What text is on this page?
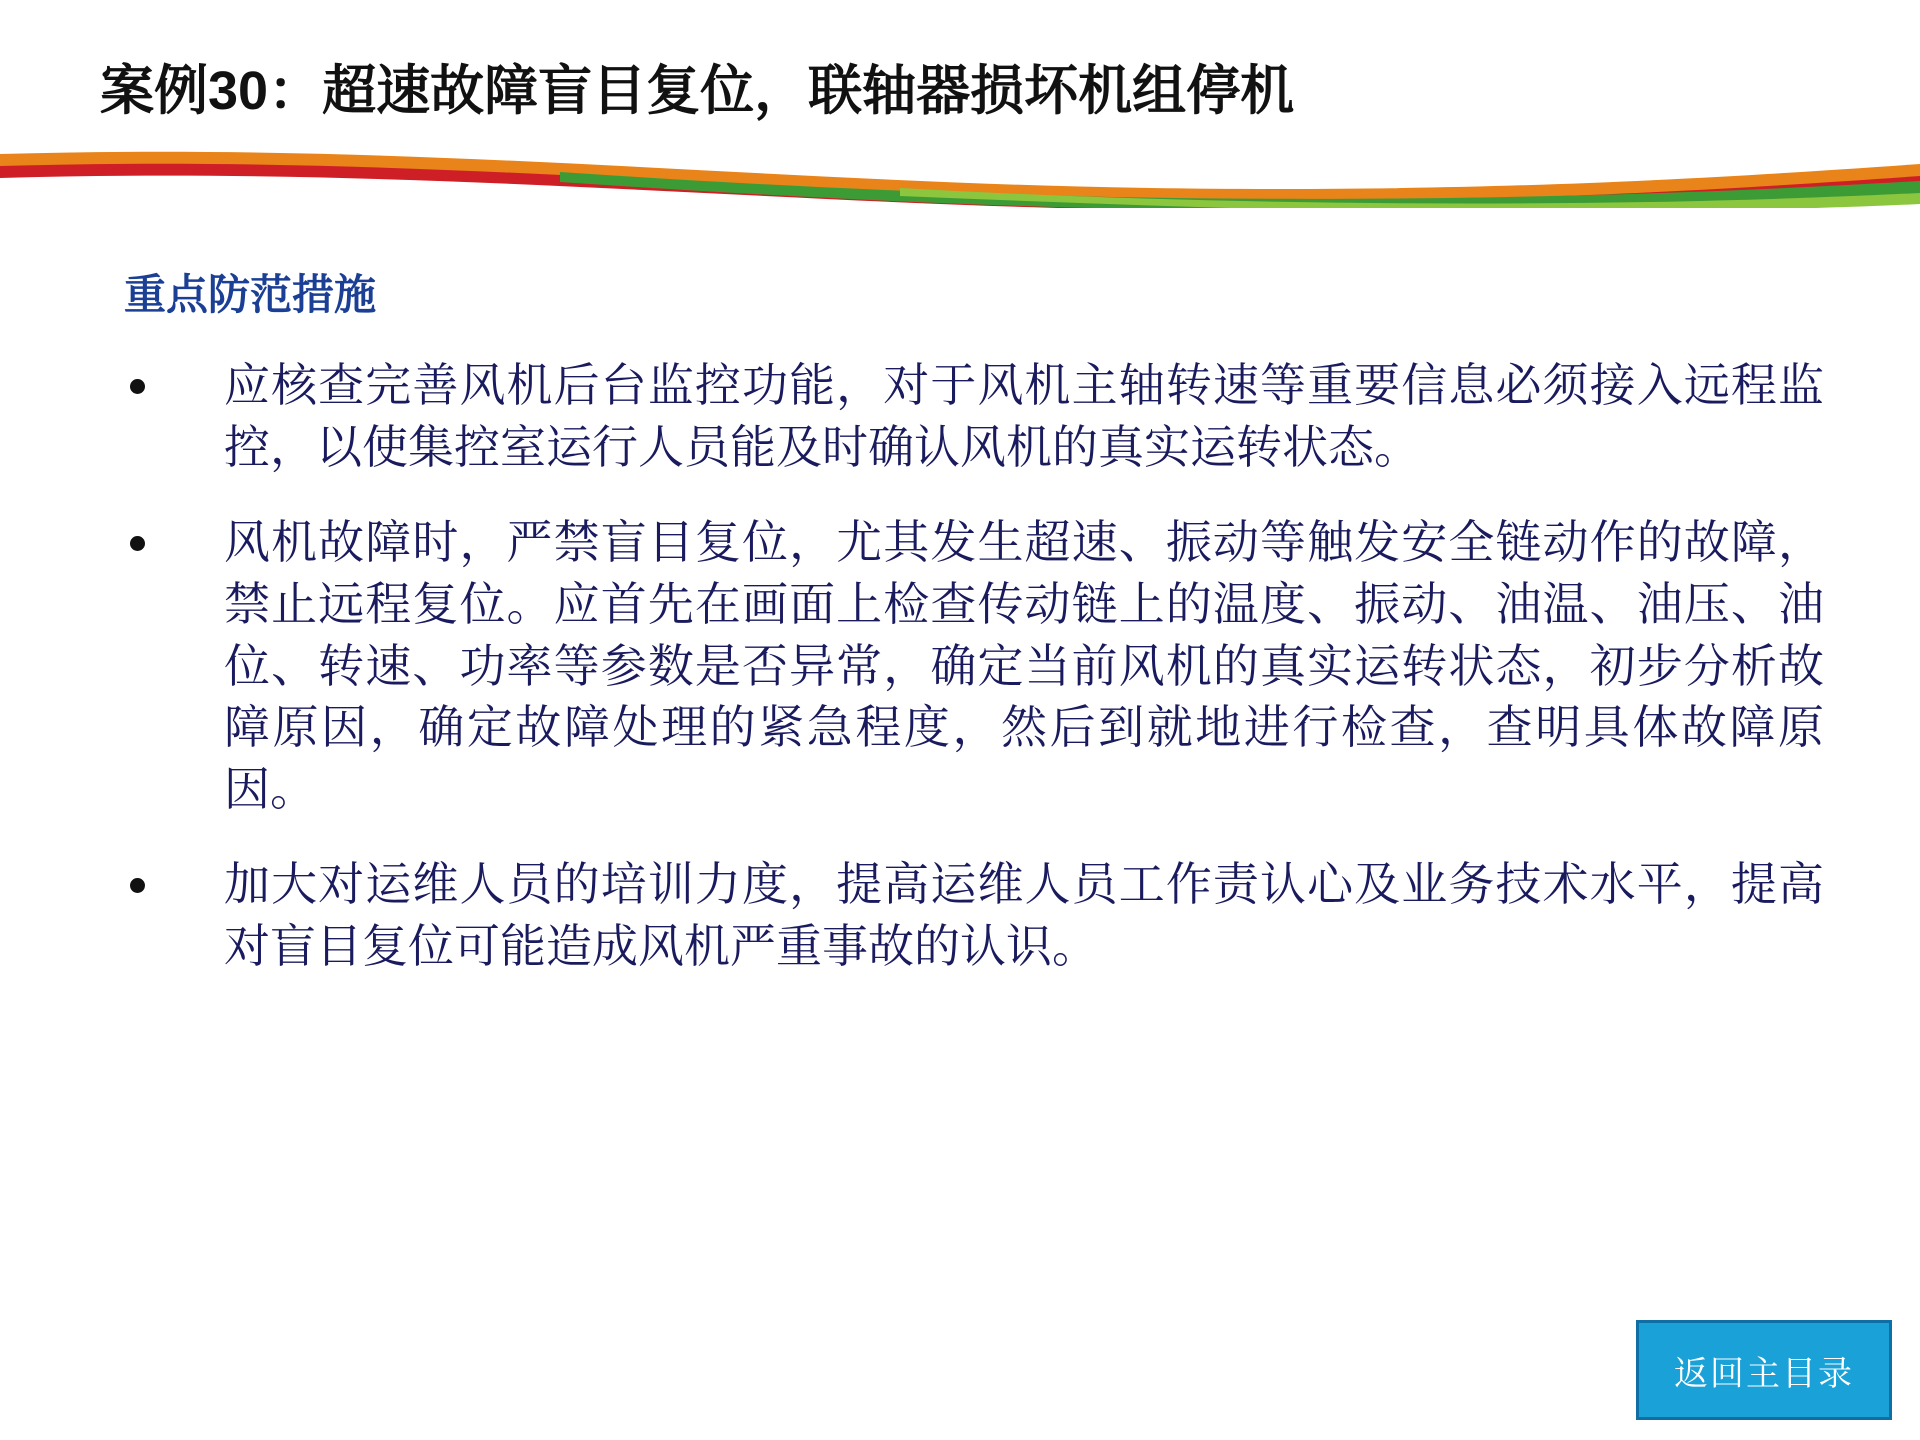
案例30：超速故障盲目复位，联轴器损坏机组停机
重点防范措施
应核查完善风机后台监控功能，对于风机主轴转速等重要信息必须接入远程监控，以使集控室运行人员能及时确认风机的真实运转状态。
风机故障时，严禁盲目复位，尤其发生超速、振动等触发安全链动作的故障，禁止远程复位。应首先在画面上检查传动链上的温度、振动、油温、油压、油位、转速、功率等参数是否异常，确定当前风机的真实运转状态，初步分析故障原因，确定故障处理的紧急程度，然后到就地进行检查，查明具体故障原因。
加大对运维人员的培训力度，提高运维人员工作责认心及业务技术水平，提高对盲目复位可能造成风机严重事故的认识。
返回主目录
